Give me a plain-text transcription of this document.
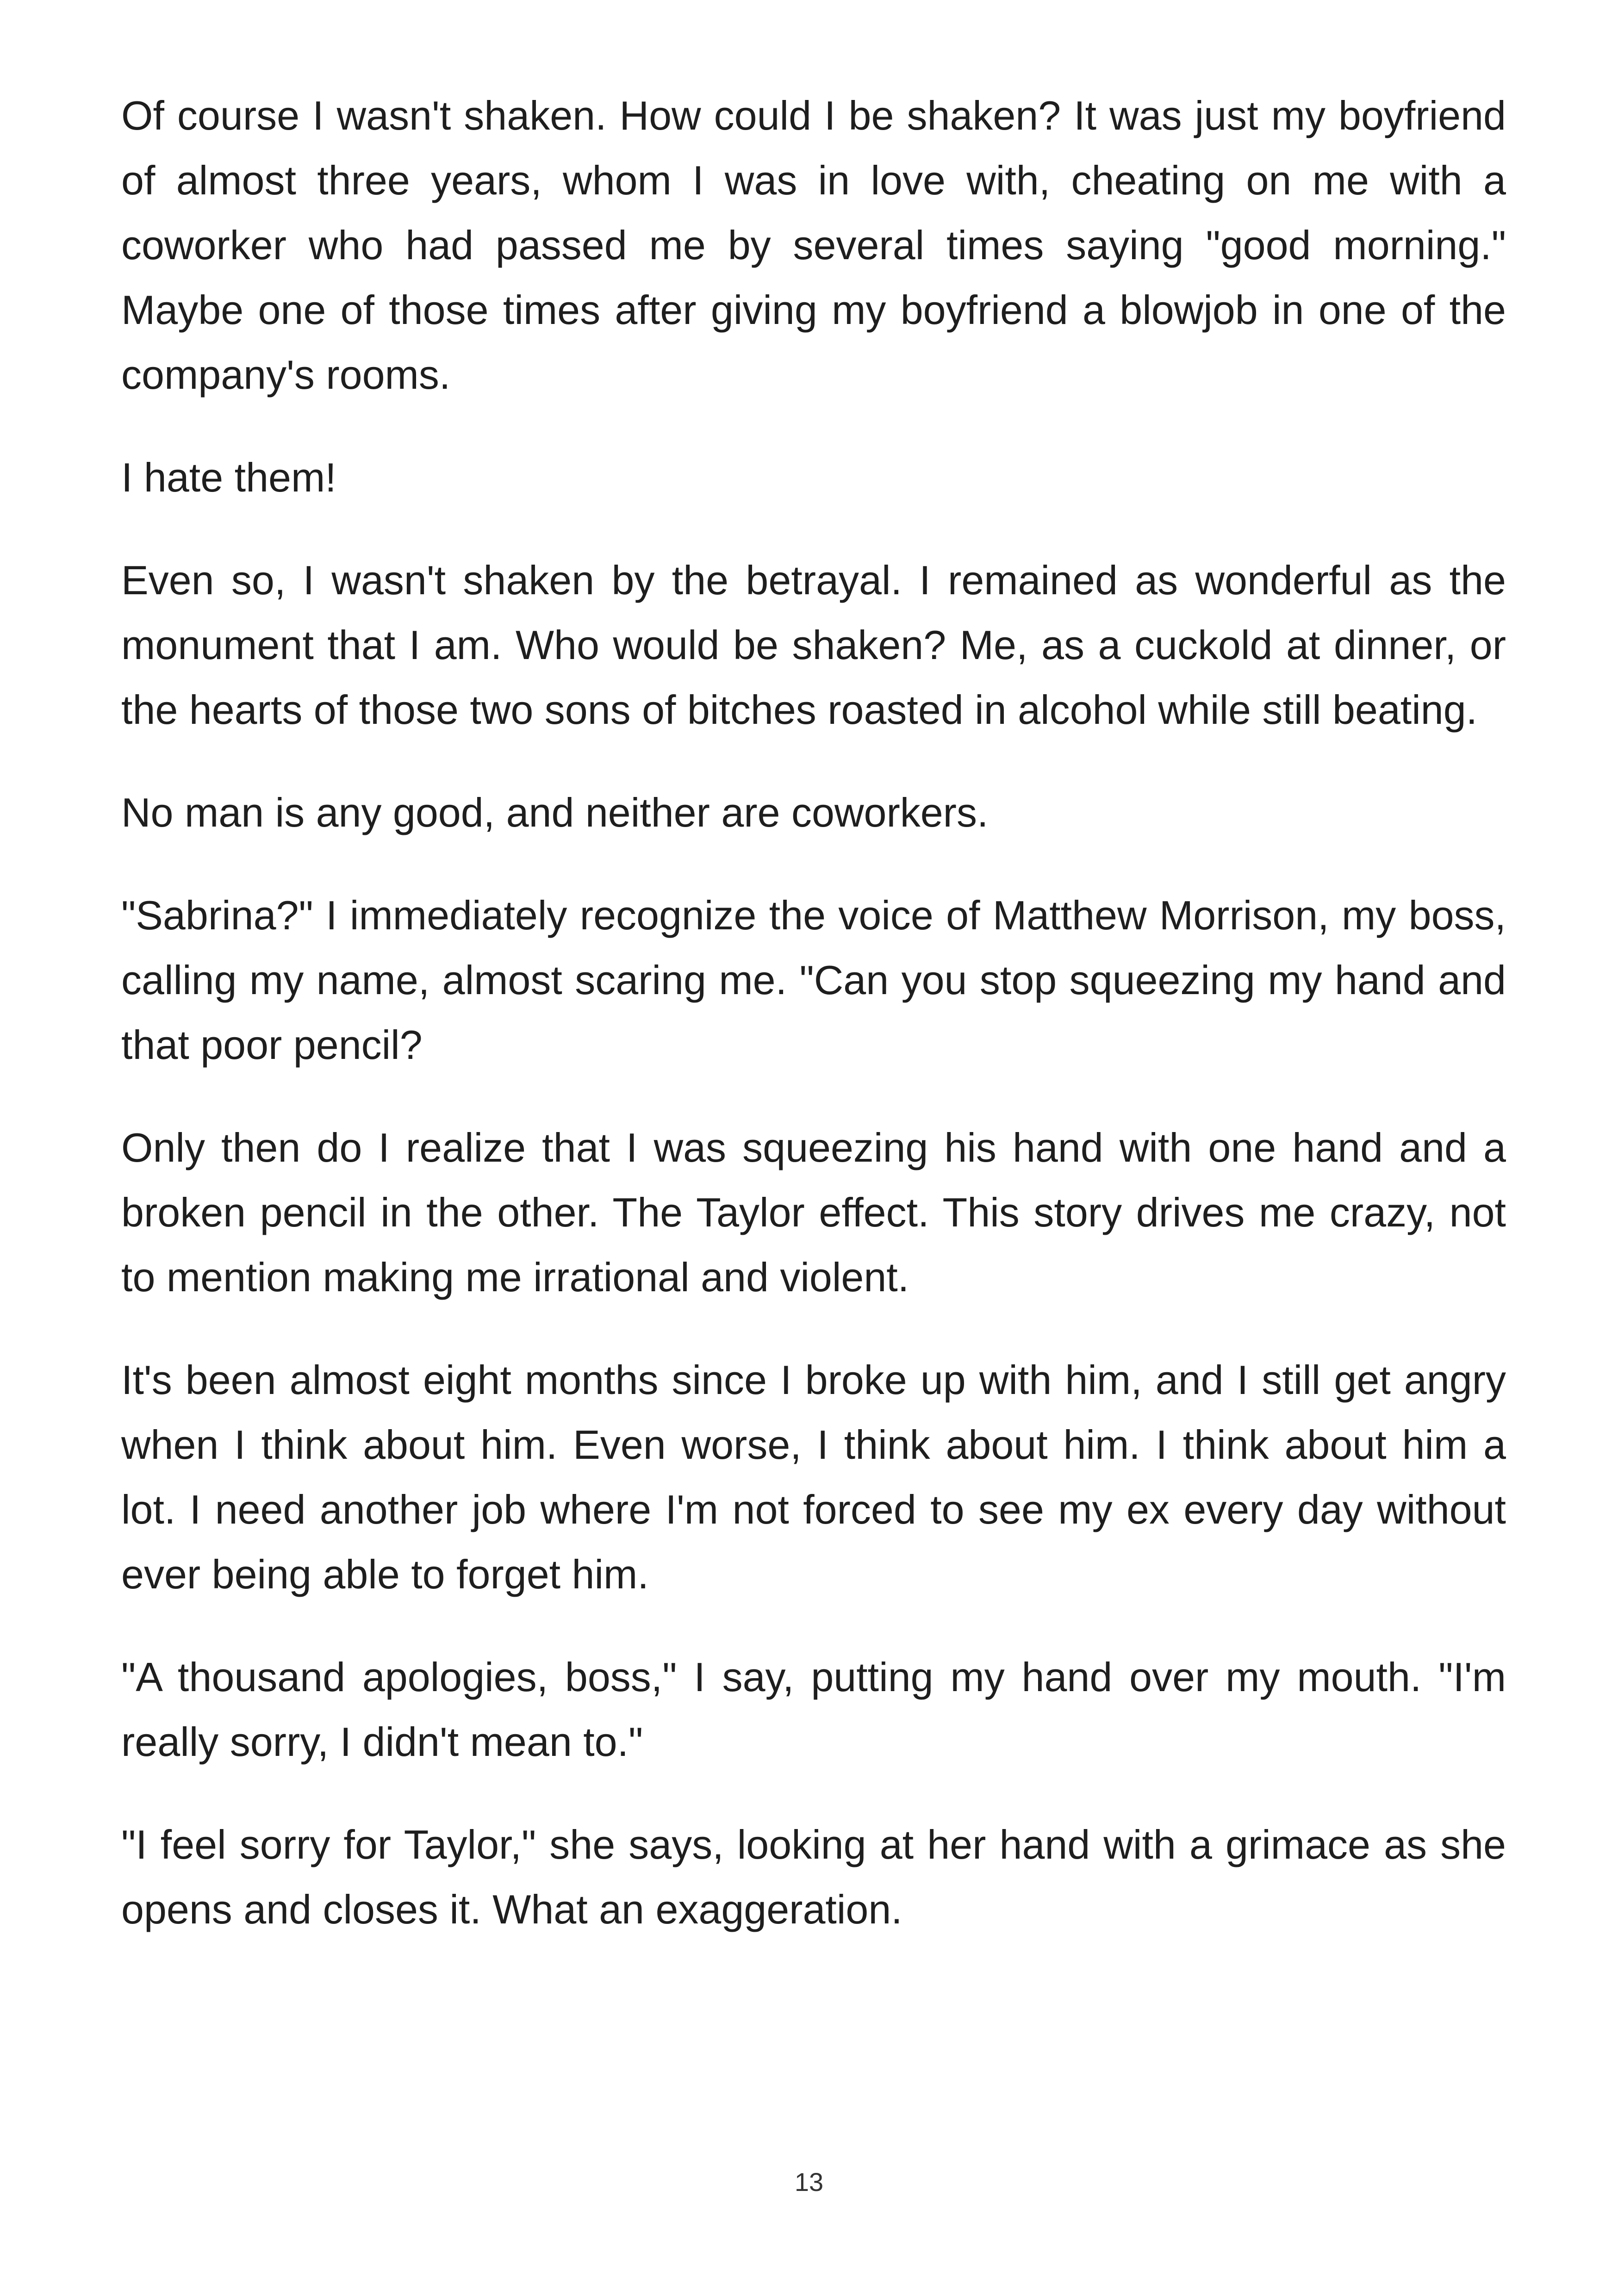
Of course I wasn't shaken. How could I be shaken? It was just my boyfriend of almost three years, whom I was in love with, cheating on me with a coworker who had passed me by several times saying "good morning." Maybe one of those times after giving my boyfriend a blowjob in one of the company's rooms.

I hate them!

Even so, I wasn't shaken by the betrayal. I remained as wonderful as the monument that I am. Who would be shaken? Me, as a cuckold at dinner, or the hearts of those two sons of bitches roasted in alcohol while still beating.

No man is any good, and neither are coworkers.

"Sabrina?" I immediately recognize the voice of Matthew Morrison, my boss, calling my name, almost scaring me. "Can you stop squeezing my hand and that poor pencil?

Only then do I realize that I was squeezing his hand with one hand and a broken pencil in the other. The Taylor effect. This story drives me crazy, not to mention making me irrational and violent.

It's been almost eight months since I broke up with him, and I still get angry when I think about him. Even worse, I think about him. I think about him a lot. I need another job where I'm not forced to see my ex every day without ever being able to forget him.

"A thousand apologies, boss," I say, putting my hand over my mouth. "I'm really sorry, I didn't mean to."

"I feel sorry for Taylor," she says, looking at her hand with a grimace as she opens and closes it. What an exaggeration.

13
